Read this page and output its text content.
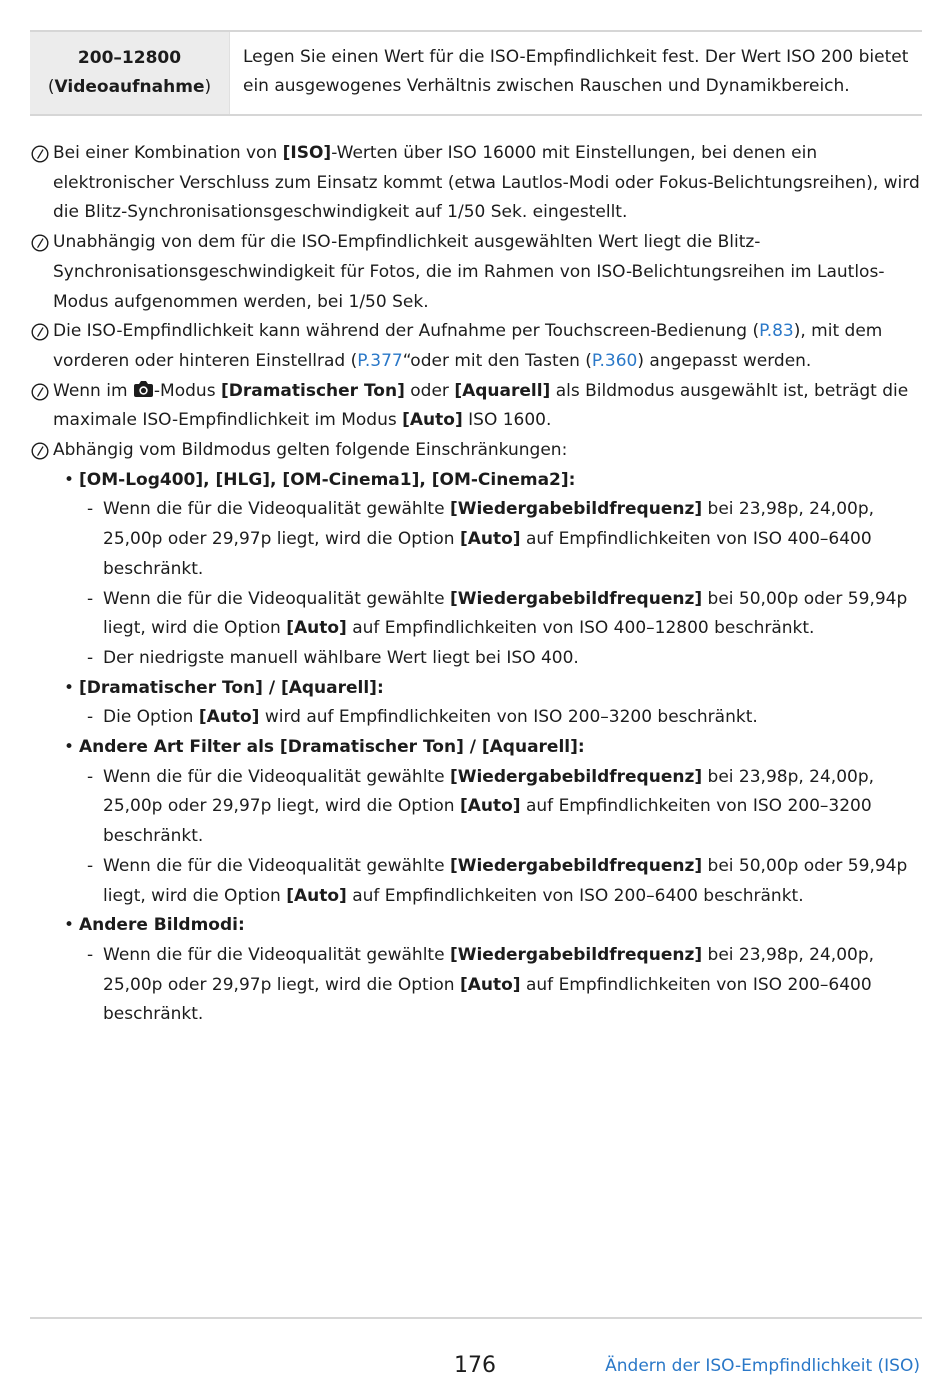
200–12800
(Videoaufnahme)
Legen Sie einen Wert für die ISO-Empfindlichkeit fest. Der Wert ISO 200 bietet ein ausgewogenes Verhältnis zwischen Rauschen und Dynamikbereich.
Bei einer Kombination von [ISO]-Werten über ISO 16000 mit Einstellungen, bei denen ein elektronischer Verschluss zum Einsatz kommt (etwa Lautlos-Modi oder Fokus-Belichtungsreihen), wird die Blitz-Synchronisationsgeschwindigkeit auf 1/50 Sek. eingestellt.
Unabhängig von dem für die ISO-Empfindlichkeit ausgewählten Wert liegt die Blitz-Synchronisationsgeschwindigkeit für Fotos, die im Rahmen von ISO-Belichtungsreihen im Lautlos-Modus aufgenommen werden, bei 1/50 Sek.
Die ISO-Empfindlichkeit kann während der Aufnahme per Touchscreen-Bedienung (P.83), mit dem vorderen oder hinteren Einstellrad (P.377“oder mit den Tasten (P.360) angepasst werden.
Wenn im -Modus [Dramatischer Ton] oder [Aquarell] als Bildmodus ausgewählt ist, beträgt die maximale ISO-Empfindlichkeit im Modus [Auto] ISO 1600.
Abhängig vom Bildmodus gelten folgende Einschränkungen:
• [OM-Log400], [HLG], [OM-Cinema1], [OM-Cinema2]:
- Wenn die für die Videoqualität gewählte [Wiedergabebildfrequenz] bei 23,98p, 24,00p, 25,00p oder 29,97p liegt, wird die Option [Auto] auf Empfindlichkeiten von ISO 400–6400 beschränkt.
- Wenn die für die Videoqualität gewählte [Wiedergabebildfrequenz] bei 50,00p oder 59,94p liegt, wird die Option [Auto] auf Empfindlichkeiten von ISO 400–12800 beschränkt.
- Der niedrigste manuell wählbare Wert liegt bei ISO 400.
• [Dramatischer Ton] / [Aquarell]:
- Die Option [Auto] wird auf Empfindlichkeiten von ISO 200–3200 beschränkt.
• Andere Art Filter als [Dramatischer Ton] / [Aquarell]:
- Wenn die für die Videoqualität gewählte [Wiedergabebildfrequenz] bei 23,98p, 24,00p, 25,00p oder 29,97p liegt, wird die Option [Auto] auf Empfindlichkeiten von ISO 200–3200 beschränkt.
- Wenn die für die Videoqualität gewählte [Wiedergabebildfrequenz] bei 50,00p oder 59,94p liegt, wird die Option [Auto] auf Empfindlichkeiten von ISO 200–6400 beschränkt.
• Andere Bildmodi:
- Wenn die für die Videoqualität gewählte [Wiedergabebildfrequenz] bei 23,98p, 24,00p, 25,00p oder 29,97p liegt, wird die Option [Auto] auf Empfindlichkeiten von ISO 200–6400 beschränkt.
176	Ändern der ISO-Empfindlichkeit (ISO)
